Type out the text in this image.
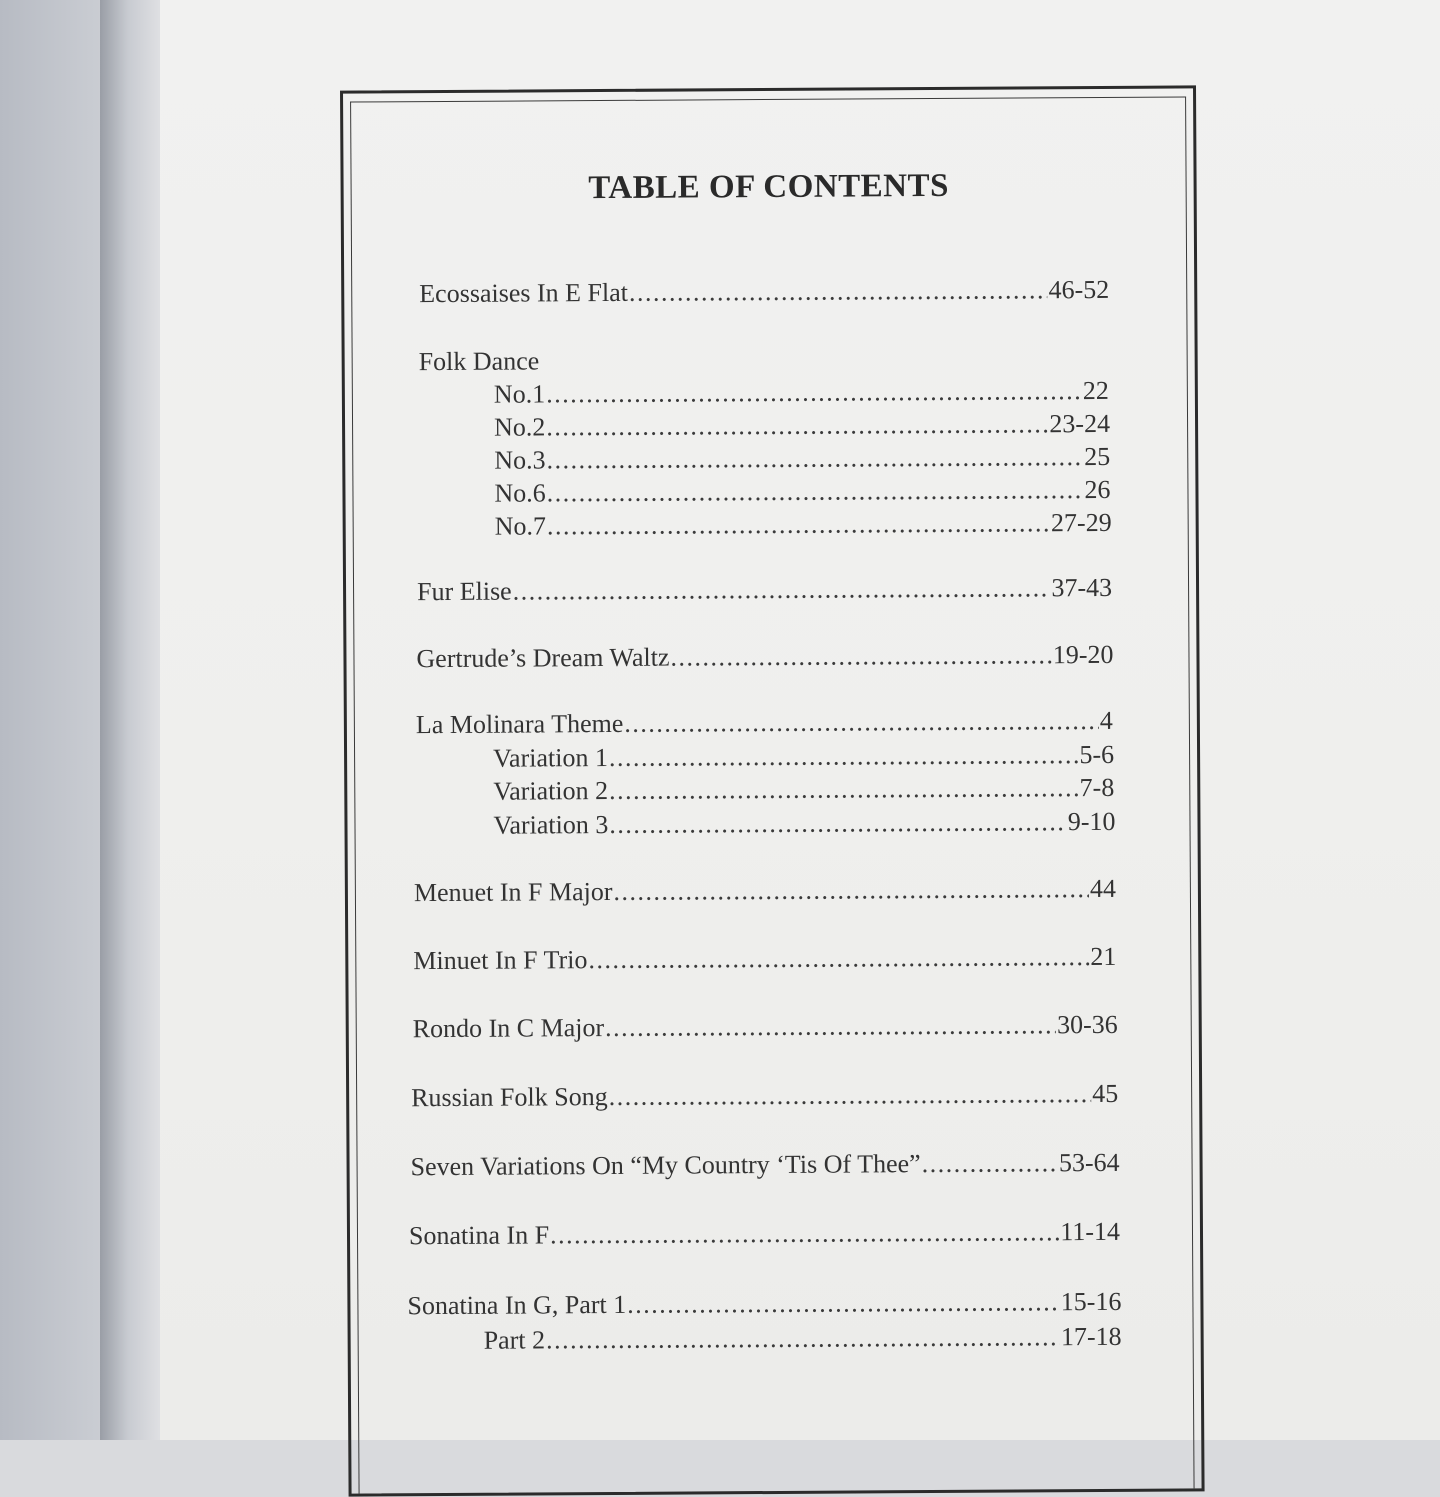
TABLE OF CONTENTS
Ecossaises In E Flat .....	46-52
Folk Dance
No.1 .....	22
No.2 .....	23-24
No.3 .....	25
No.6 .....	26
No.7 .....	27-29
Fur Elise .....	37-43
Gertrude’s Dream Waltz .....	19-20
La Molinara Theme .....	4
Variation 1 .....	5-6
Variation 2 .....	7-8
Variation 3 .....	9-10
Menuet In F Major .....	44
Minuet In F Trio .....	21
Rondo In C Major .....	30-36
Russian Folk Song .....	45
Seven Variations On “My Country ‘Tis Of Thee” .....	53-64
Sonatina In F .....	11-14
Sonatina In G, Part 1 .....	15-16
Part 2 .....	17-18
